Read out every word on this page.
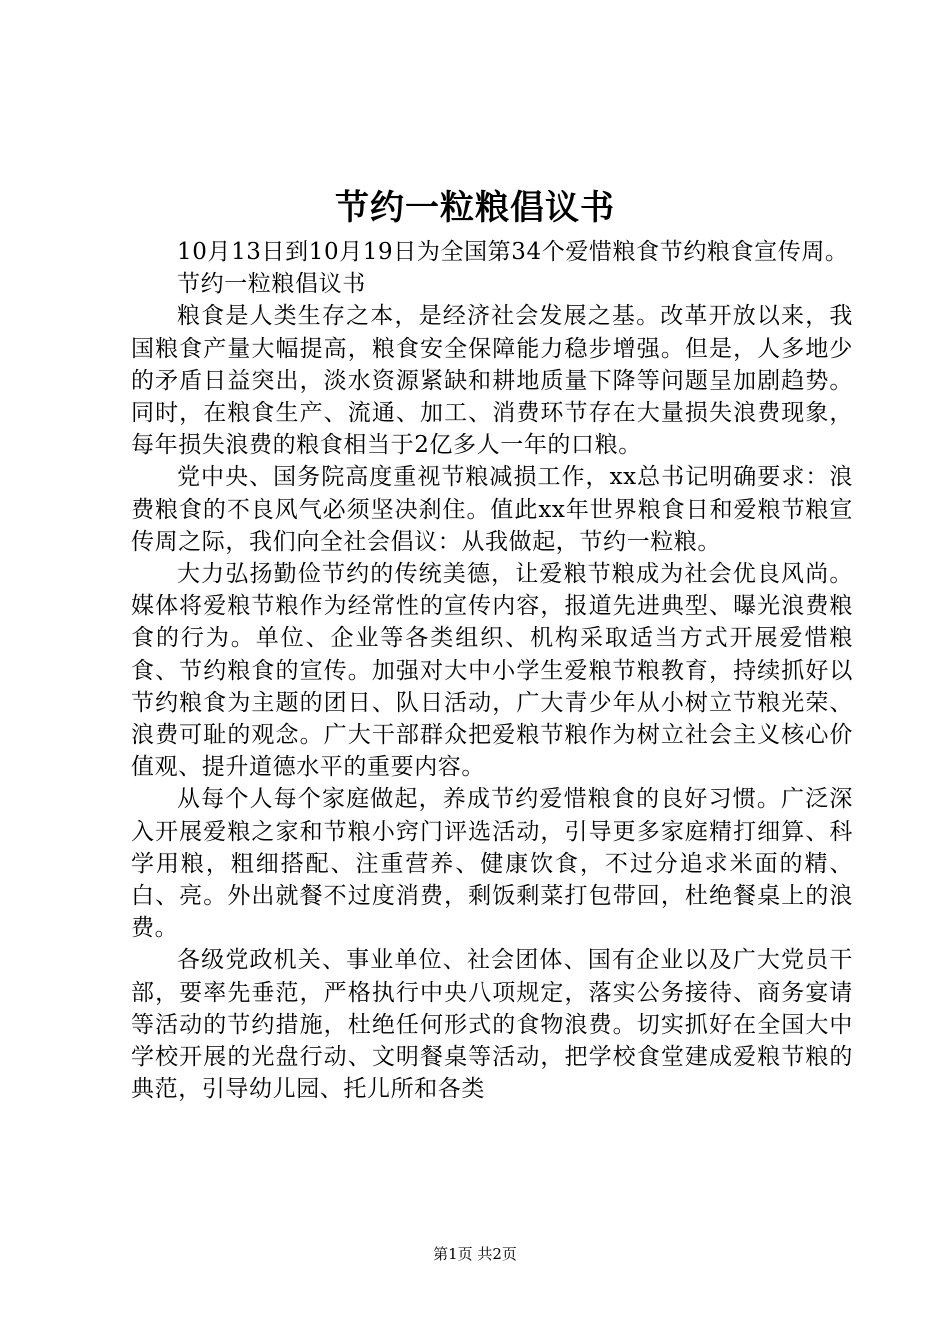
节约一粒粮倡议书

10月13日到10月19日为全国第34个爱惜粮食节约粮食宣传周。

节约一粒粮倡议书

粮食是人类生存之本，是经济社会发展之基。改革开放以来，我国粮食产量大幅提高，粮食安全保障能力稳步增强。但是，人多地少的矛盾日益突出，淡水资源紧缺和耕地质量下降等问题呈加剧趋势。同时，在粮食生产、流通、加工、消费环节存在大量损失浪费现象，每年损失浪费的粮食相当于2亿多人一年的口粮。

党中央、国务院高度重视节粮减损工作，xx总书记明确要求：浪费粮食的不良风气必须坚决刹住。值此xx年世界粮食日和爱粮节粮宣传周之际，我们向全社会倡议：从我做起，节约一粒粮。

大力弘扬勤俭节约的传统美德，让爱粮节粮成为社会优良风尚。媒体将爱粮节粮作为经常性的宣传内容，报道先进典型、曝光浪费粮食的行为。单位、企业等各类组织、机构采取适当方式开展爱惜粮食、节约粮食的宣传。加强对大中小学生爱粮节粮教育，持续抓好以节约粮食为主题的团日、队日活动，广大青少年从小树立节粮光荣、浪费可耻的观念。广大干部群众把爱粮节粮作为树立社会主义核心价值观、提升道德水平的重要内容。

从每个人每个家庭做起，养成节约爱惜粮食的良好习惯。广泛深入开展爱粮之家和节粮小窍门评选活动，引导更多家庭精打细算、科学用粮，粗细搭配、注重营养、健康饮食，不过分追求米面的精、白、亮。外出就餐不过度消费，剩饭剩菜打包带回，杜绝餐桌上的浪费。

各级党政机关、事业单位、社会团体、国有企业以及广大党员干部，要率先垂范，严格执行中央八项规定，落实公务接待、商务宴请等活动的节约措施，杜绝任何形式的食物浪费。切实抓好在全国大中学校开展的光盘行动、文明餐桌等活动，把学校食堂建成爱粮节粮的典范，引导幼儿园、托儿所和各类

第1页 共2页
